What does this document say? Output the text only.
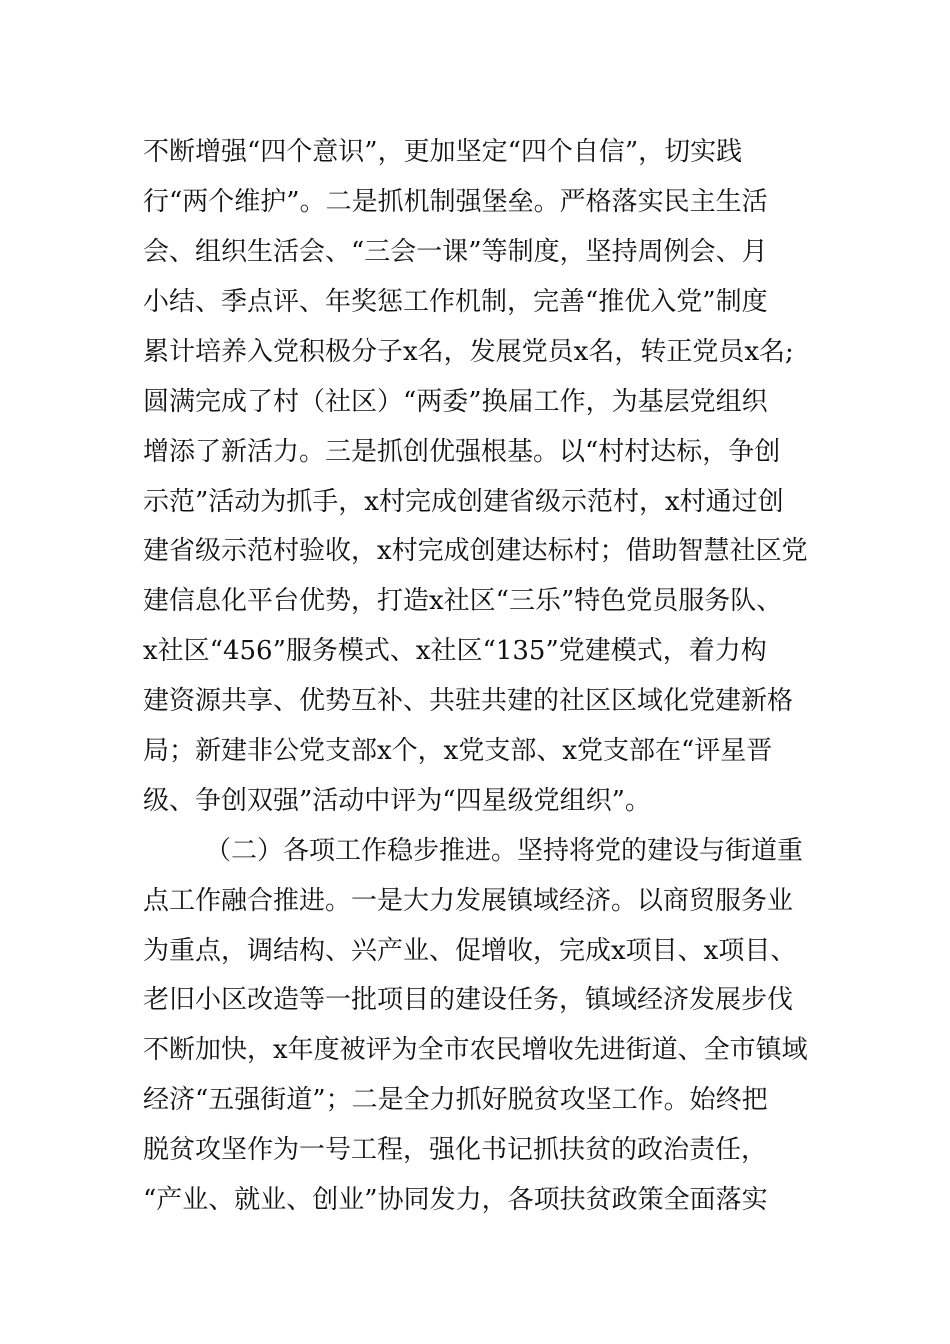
不断增强“四个意识”，更加坚定“四个自信”，切实践
行“两个维护”。二是抓机制强堡垒。严格落实民主生活
会、组织生活会、“三会一课”等制度，坚持周例会、月
小结、季点评、年奖惩工作机制，完善“推优入党”制度
累计培养入党积极分子x名，发展党员x名，转正党员x名;
圆满完成了村（社区）“两委”换届工作，为基层党组织
增添了新活力。三是抓创优强根基。以“村村达标，争创
示范”活动为抓手，x村完成创建省级示范村，x村通过创
建省级示范村验收，x村完成创建达标村；借助智慧社区党
建信息化平台优势，打造x社区“三乐”特色党员服务队、
x社区“456”服务模式、x社区“135”党建模式，着力构
建资源共享、优势互补、共驻共建的社区区域化党建新格
局；新建非公党支部x个，x党支部、x党支部在“评星晋
级、争创双强”活动中评为“四星级党组织”。
（二）各项工作稳步推进。坚持将党的建设与街道重
点工作融合推进。一是大力发展镇域经济。以商贸服务业
为重点，调结构、兴产业、促增收，完成x项目、x项目、
老旧小区改造等一批项目的建设任务，镇域经济发展步伐
不断加快，x年度被评为全市农民增收先进街道、全市镇域
经济“五强街道”；二是全力抓好脱贫攻坚工作。始终把
脱贫攻坚作为一号工程，强化书记抓扶贫的政治责任，
“产业、就业、创业”协同发力，各项扶贫政策全面落实
